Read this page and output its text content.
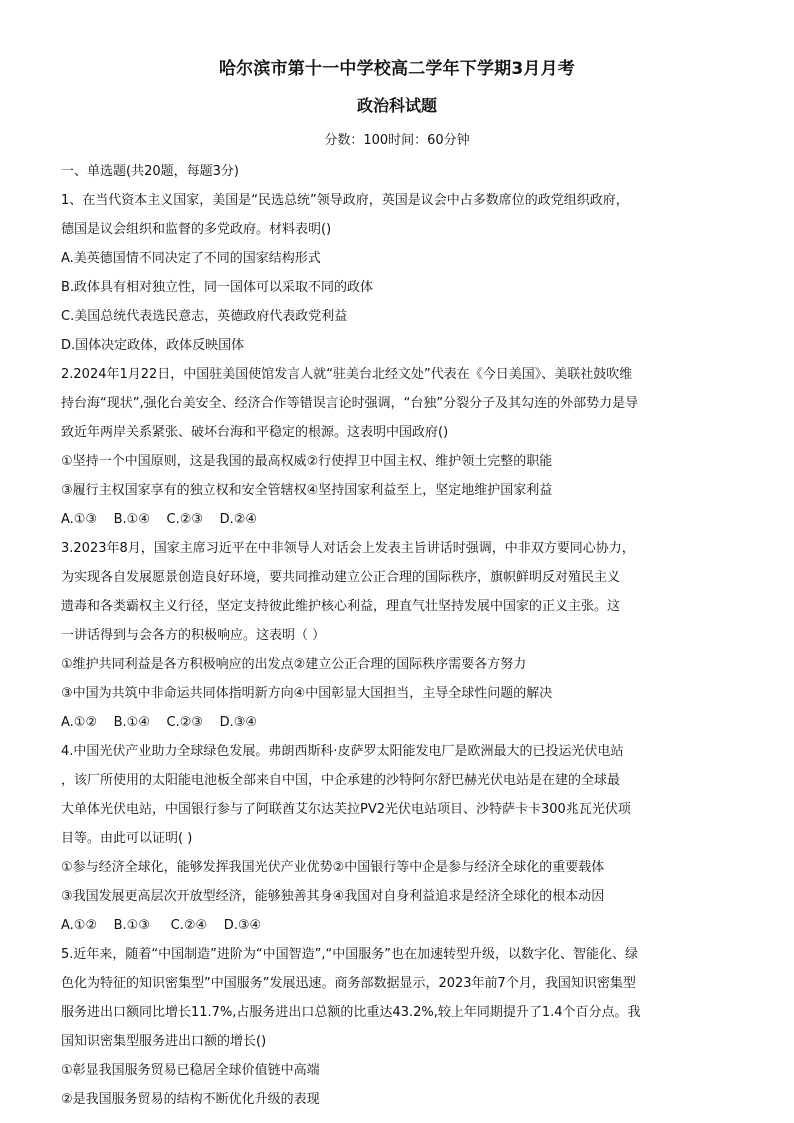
哈尔滨市第十一中学校高二学年下学期3月月考
政治科试题
分数：100时间：60分钟
一、单选题(共20题，每题3分)
1、在当代资本主义国家，美国是“民选总统”领导政府，英国是议会中占多数席位的政党组织政府，
德国是议会组织和监督的多党政府。材料表明()
A.美英德国情不同决定了不同的国家结构形式
B.政体具有相对独立性，同一国体可以采取不同的政体
C.美国总统代表选民意志，英德政府代表政党利益
D.国体决定政体，政体反映国体
2.2024年1月22日，中国驻美国使馆发言人就“驻美台北经文处”代表在《今日美国》、美联社鼓吹维
持台海“现状”,强化台美安全、经济合作等错误言论时强调，“台独”分裂分子及其勾连的外部势力是导
致近年两岸关系紧张、破坏台海和平稳定的根源。这表明中国政府()
①坚持一个中国原则，这是我国的最高权威②行使捍卫中国主权、维护领土完整的职能
③履行主权国家享有的独立权和安全管辖权④坚持国家利益至上，坚定地维护国家利益
A.①③    B.①④    C.②③    D.②④
3.2023年8月，国家主席习近平在中非领导人对话会上发表主旨讲话时强调，中非双方要同心协力，
为实现各自发展愿景创造良好环境，要共同推动建立公正合理的国际秩序，旗帜鲜明反对殖民主义
遗毒和各类霸权主义行径，坚定支持彼此维护核心利益，理直气壮坚持发展中国家的正义主张。这
一讲话得到与会各方的积极响应。这表明（ ）
①维护共同利益是各方积极响应的出发点②建立公正合理的国际秩序需要各方努力
③中国为共筑中非命运共同体指明新方向④中国彰显大国担当，主导全球性问题的解决
A.①②    B.①④    C.②③    D.③④
4.中国光伏产业助力全球绿色发展。弗朗西斯科·皮萨罗太阳能发电厂是欧洲最大的已投运光伏电站
，该厂所使用的太阳能电池板全部来自中国，中企承建的沙特阿尔舒巴赫光伏电站是在建的全球最
大单体光伏电站，中国银行参与了阿联酋艾尔达芙拉PV2光伏电站项目、沙特萨卡卡300兆瓦光伏项
目等。由此可以证明( )
①参与经济全球化，能够发挥我国光伏产业优势②中国银行等中企是参与经济全球化的重要载体
③我国发展更高层次开放型经济，能够独善其身④我国对自身利益追求是经济全球化的根本动因
A.①②    B.①③     C.②④    D.③④
5.近年来，随着“中国制造”进阶为“中国智造”,“中国服务”也在加速转型升级，以数字化、智能化、绿
色化为特征的知识密集型”中国服务”发展迅速。商务部数据显示，2023年前7个月，我国知识密集型
服务进出口额同比增长11.7%,占服务进出口总额的比重达43.2%,较上年同期提升了1.4个百分点。我
国知识密集型服务进出口额的增长()
①彰显我国服务贸易已稳居全球价值链中高端
②是我国服务贸易的结构不断优化升级的表现
